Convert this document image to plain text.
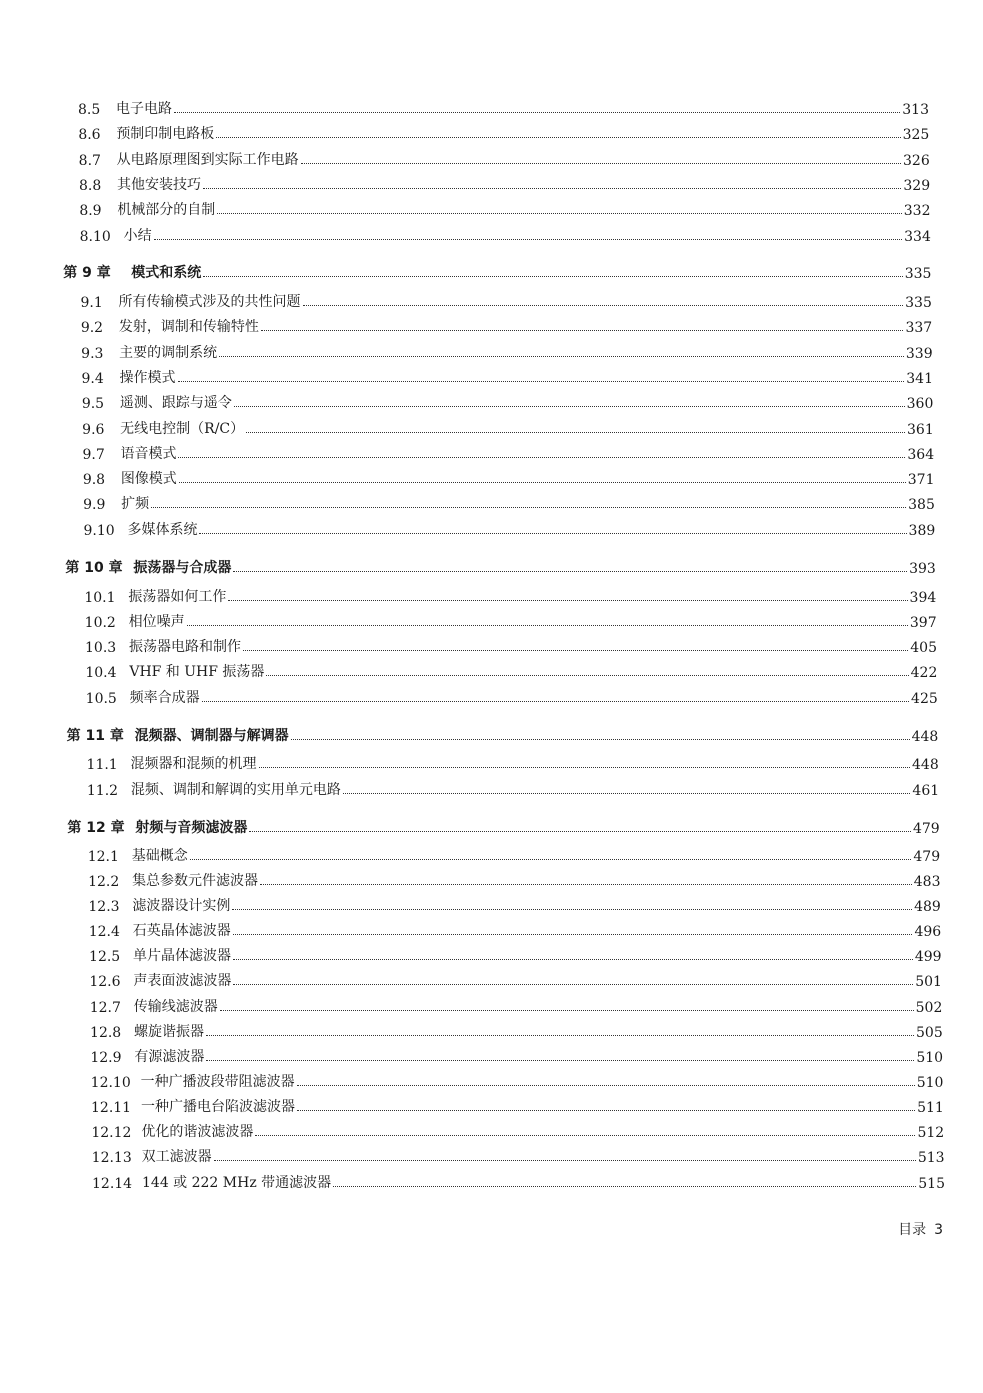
8.5	电子电路	313
8.6	预制印制电路板	325
8.7	从电路原理图到实际工作电路	326
8.8	其他安装技巧	329
8.9	机械部分的自制	332
8.10 小结	334
第 9 章	模式和系统	335
9.1	所有传输模式涉及的共性问题	335
9.2	发射，调制和传输特性	337
9.3	主要的调制系统	339
9.4	操作模式	341
9.5	遥测、跟踪与遥令	360
9.6	无线电控制（R/C）	361
9.7	语音模式	364
9.8	图像模式	371
9.9	扩频	385
9.10 多媒体系统	389
第 10 章 振荡器与合成器	393
10.1 振荡器如何工作	394
10.2 相位噪声	397
10.3 振荡器电路和制作	405
10.4 VHF 和 UHF 振荡器	422
10.5 频率合成器	425
第 11 章 混频器、调制器与解调器	448
11.1 混频器和混频的机理	448
11.2 混频、调制和解调的实用单元电路	461
第 12 章 射频与音频滤波器	479
12.1 基础概念	479
12.2 集总参数元件滤波器	483
12.3 滤波器设计实例	489
12.4 石英晶体滤波器	496
12.5 单片晶体滤波器	499
12.6 声表面波滤波器	501
12.7 传输线滤波器	502
12.8 螺旋谐振器	505
12.9 有源滤波器	510
12.10 一种广播波段带阻滤波器	510
12.11 一种广播电台陷波滤波器	511
12.12 优化的谐波滤波器	512
12.13 双工滤波器	513
12.14 144 或 222 MHz 带通滤波器	515
目录 3
